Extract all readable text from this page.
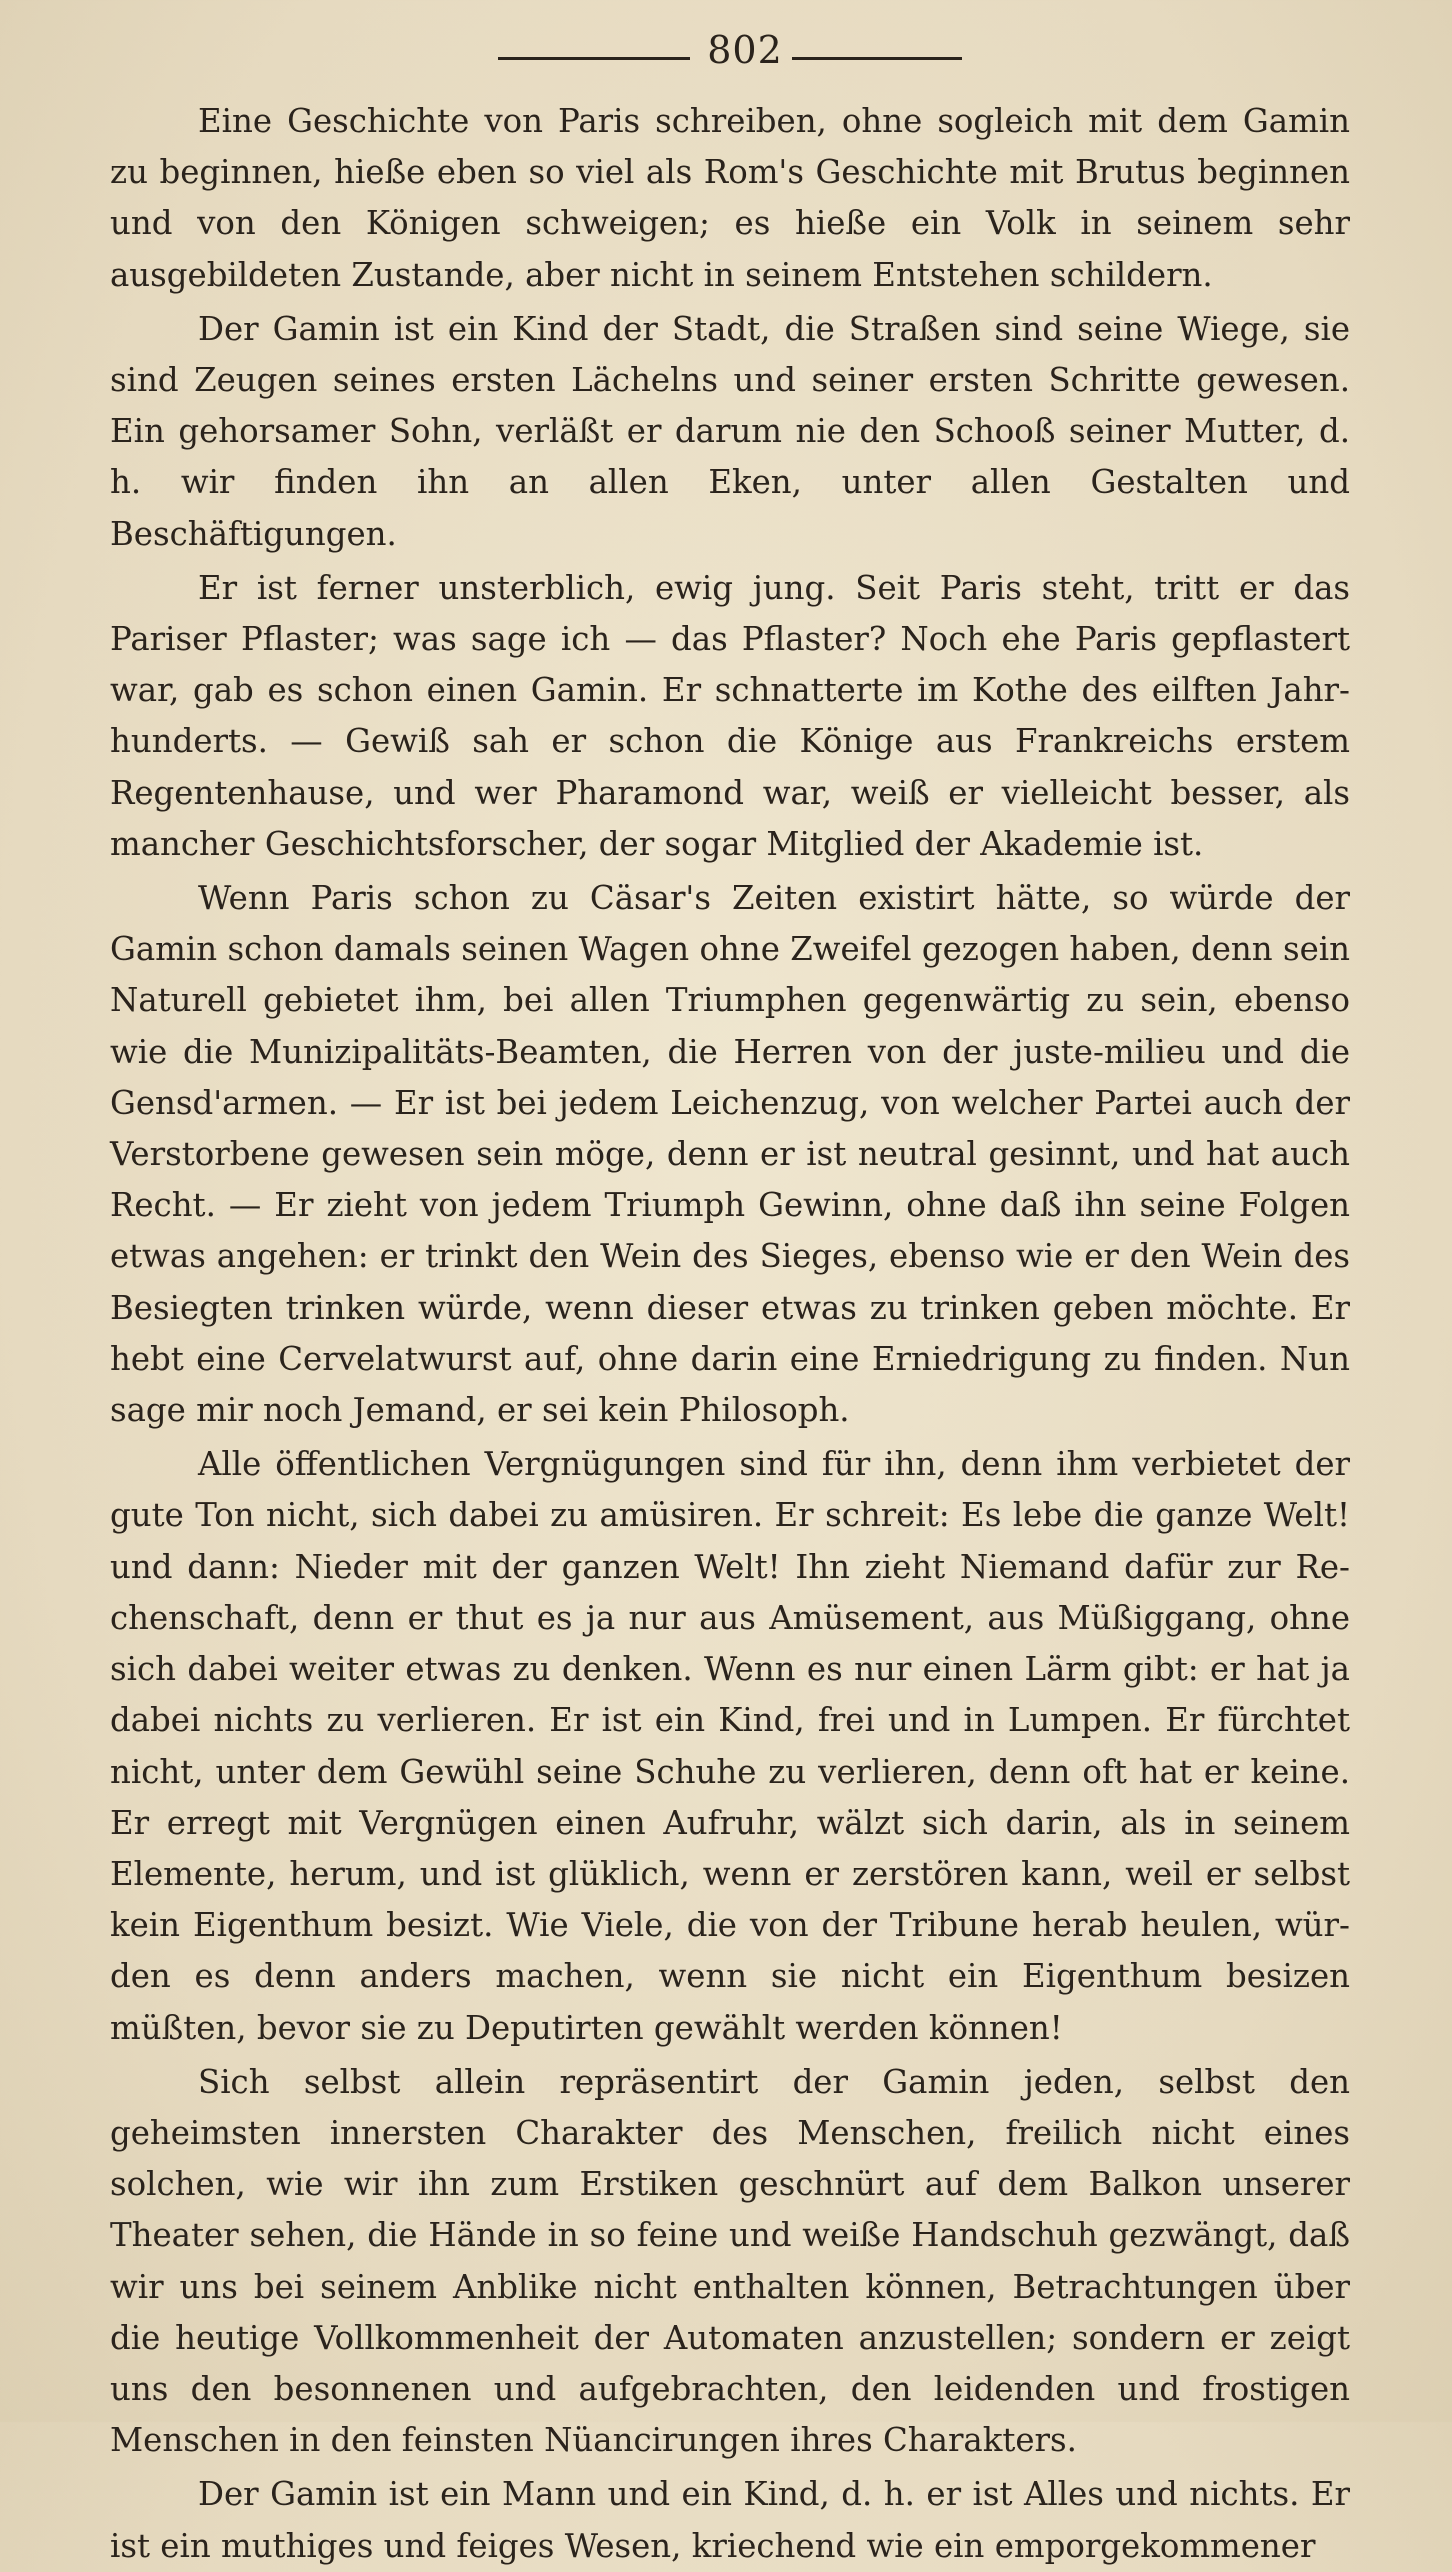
802

Eine Geschichte von Paris schreiben, ohne sogleich mit dem Gamin zu beginnen, hieße eben so viel als Rom's Geschichte mit Brutus beginnen und von den Königen schweigen; es hieße ein Volk in seinem sehr ausgebildeten Zustande, aber nicht in seinem Entstehen schildern.

Der Gamin ist ein Kind der Stadt, die Straßen sind seine Wiege, sie sind Zeugen seines ersten Lächelns und seiner ersten Schritte gewesen. Ein gehorsamer Sohn, verläßt er darum nie den Schooß seiner Mutter, d. h. wir finden ihn an allen Eken, unter allen Gestalten und Beschäftigungen.

Er ist ferner unsterblich, ewig jung. Seit Paris steht, tritt er das Pariser Pflaster; was sage ich — das Pflaster? Noch ehe Paris gepflastert war, gab es schon einen Gamin. Er schnatterte im Kothe des eilften Jahrhunderts. — Gewiß sah er schon die Könige aus Frankreichs erstem Regentenhause, und wer Pharamond war, weiß er vielleicht besser, als mancher Geschichtsforscher, der sogar Mitglied der Akademie ist.

Wenn Paris schon zu Cäsar's Zeiten existirt hätte, so würde der Gamin schon damals seinen Wagen ohne Zweifel gezogen haben, denn sein Naturell gebietet ihm, bei allen Triumphen gegenwärtig zu sein, ebenso wie die Munizipalitäts-Beamten, die Herren von der juste-milieu und die Gensd'armen. — Er ist bei jedem Leichenzug, von welcher Partei auch der Verstorbene gewesen sein möge, denn er ist neutral gesinnt, und hat auch Recht. — Er zieht von jedem Triumph Gewinn, ohne daß ihn seine Folgen etwas angehen: er trinkt den Wein des Sieges, ebenso wie er den Wein des Besiegten trinken würde, wenn dieser etwas zu trinken geben möchte. Er hebt eine Cervelatwurst auf, ohne darin eine Erniedrigung zu finden. Nun sage mir noch Jemand, er sei kein Philosoph.

Alle öffentlichen Vergnügungen sind für ihn, denn ihm verbietet der gute Ton nicht, sich dabei zu amüsiren. Er schreit: Es lebe die ganze Welt! und dann: Nieder mit der ganzen Welt! Ihn zieht Niemand dafür zur Rechenschaft, denn er thut es ja nur aus Amüsement, aus Müßiggang, ohne sich dabei weiter etwas zu denken. Wenn es nur einen Lärm gibt: er hat ja dabei nichts zu verlieren. Er ist ein Kind, frei und in Lumpen. Er fürchtet nicht, unter dem Gewühl seine Schuhe zu verlieren, denn oft hat er keine. Er erregt mit Vergnügen einen Aufruhr, wälzt sich darin, als in seinem Elemente, herum, und ist glüklich, wenn er zerstören kann, weil er selbst kein Eigenthum besizt. Wie Viele, die von der Tribune herab heulen, würden es denn anders machen, wenn sie nicht ein Eigenthum besizen müßten, bevor sie zu Deputirten gewählt werden können!

Sich selbst allein repräsentirt der Gamin jeden, selbst den geheimsten innersten Charakter des Menschen, freilich nicht eines solchen, wie wir ihn zum Erstiken geschnürt auf dem Balkon unserer Theater sehen, die Hände in so feine und weiße Handschuh gezwängt, daß wir uns bei seinem Anblike nicht enthalten können, Betrachtungen über die heutige Vollkommenheit der Automaten anzustellen; sondern er zeigt uns den besonnenen und aufgebrachten, den leidenden und frostigen Menschen in den feinsten Nüancirungen ihres Charakters.

Der Gamin ist ein Mann und ein Kind, d. h. er ist Alles und nichts. Er ist ein muthiges und feiges Wesen, kriechend wie ein emporgekommener
